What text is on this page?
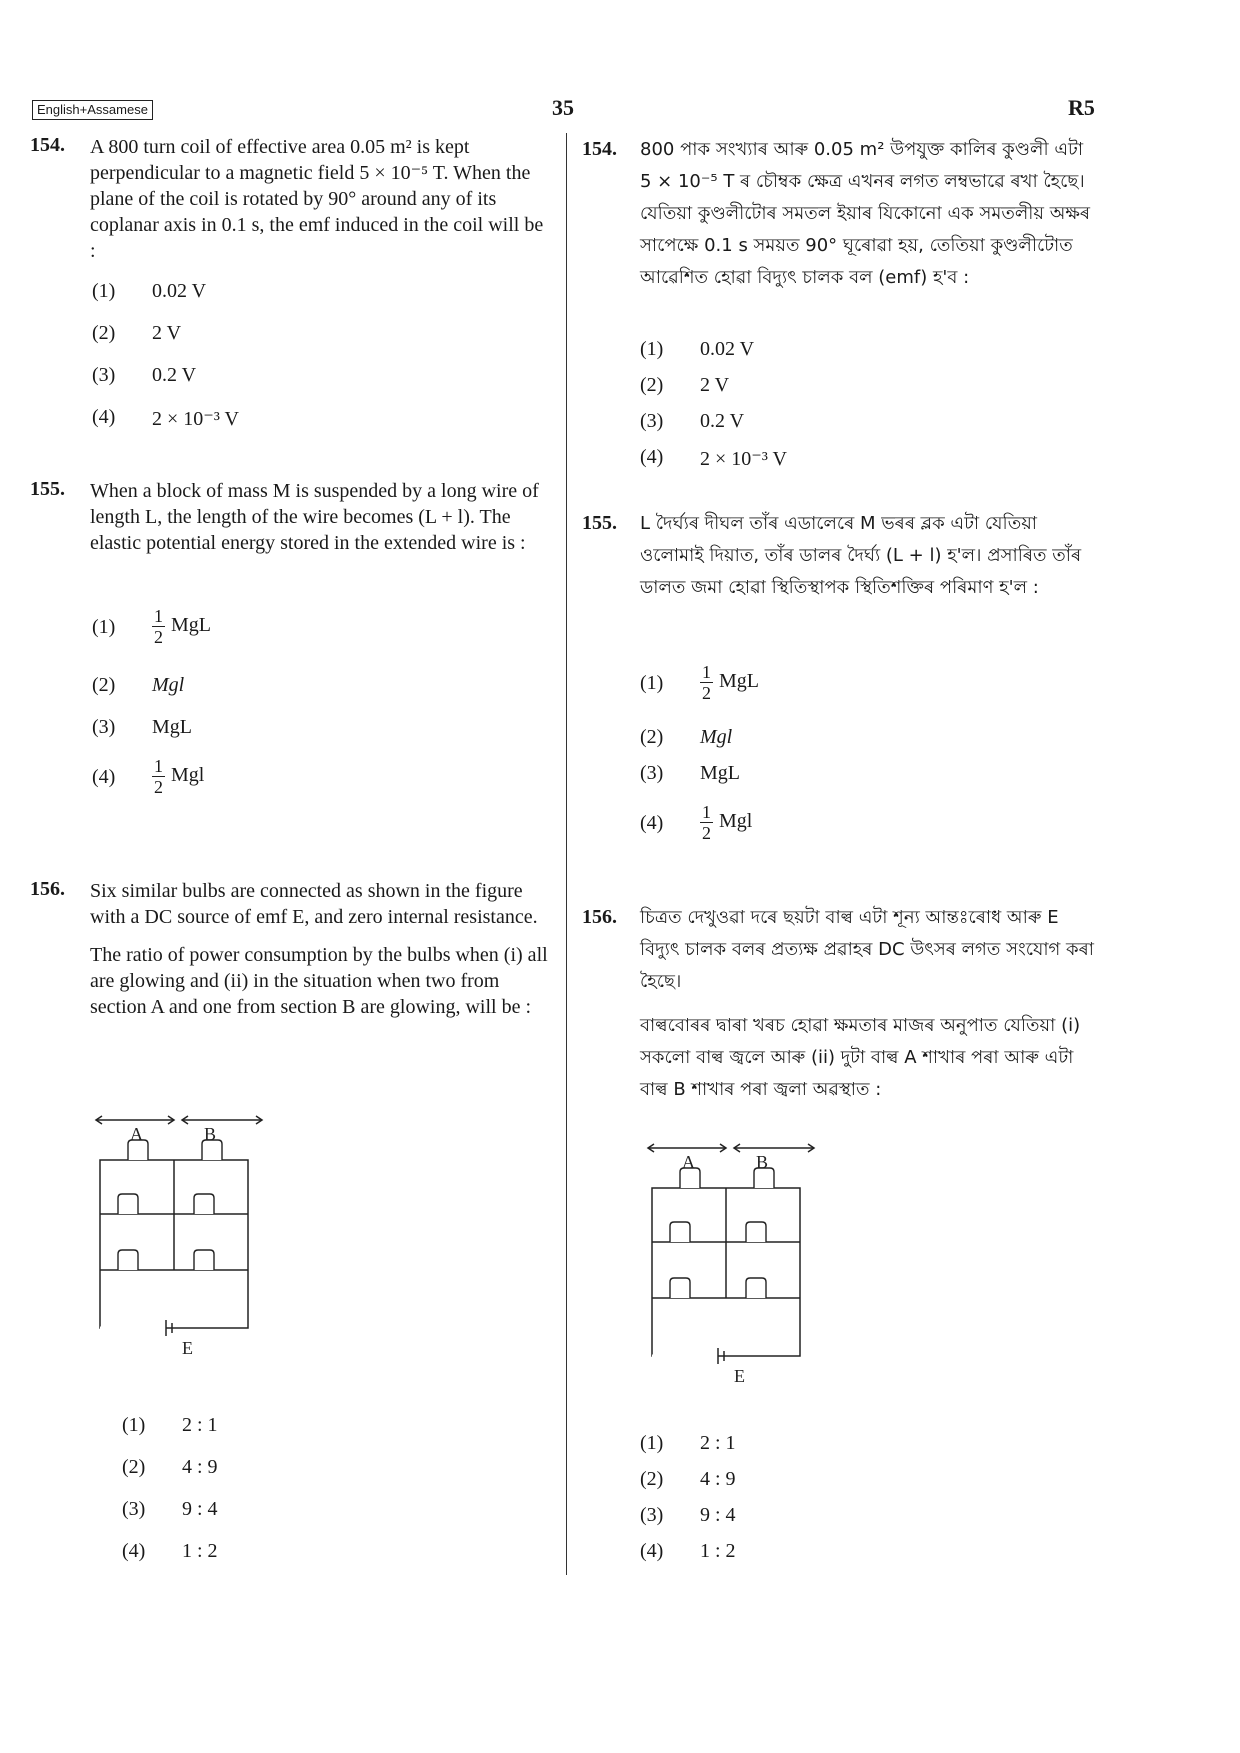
English+Assamese	35	R5
154. A 800 turn coil of effective area 0.05 m² is kept perpendicular to a magnetic field 5 × 10⁻⁵ T. When the plane of the coil is rotated by 90° around any of its coplanar axis in 0.1 s, the emf induced in the coil will be :

(1)	0.02 V
(2)	2 V
(3)	0.2 V
(4)	2 × 10⁻³ V
155. When a block of mass M is suspended by a long wire of length L, the length of the wire becomes (L + l). The elastic potential energy stored in the extended wire is :

(1)	$\frac{1}{2}$ MgL
(2)	Mgl
(3)	MgL
(4)	$\frac{1}{2}$ Mgl
156. Six similar bulbs are connected as shown in the figure with a DC source of emf E, and zero internal resistance.

The ratio of power consumption by the bulbs when (i) all are glowing and (ii) in the situation when two from section A and one from section B are glowing, will be :

A	B
E
(1)	2 : 1
(2)	4 : 9
(3)	9 : 4
(4)	1 : 2
154. 800 পাক সংখ্যাৰ আৰু 0.05 m² উপযুক্ত কালিৰ কুণ্ডলী এটা 5 × 10⁻⁵ T ৰ চৌম্বক ক্ষেত্ৰ এখনৰ লগত লম্বভাৱে ৰখা হৈছে। যেতিয়া কুণ্ডলীটোৰ সমতল ইয়াৰ যিকোনো এক সমতলীয় অক্ষৰ সাপেক্ষে 0.1 s সময়ত 90° ঘূৰোৱা হয়, তেতিয়া কুণ্ডলীটোত আৱেশিত হোৱা বিদ্যুৎ চালক বল (emf) হ'ব :

(1)	0.02 V
(2)	2 V
(3)	0.2 V
(4)	2 × 10⁻³ V
155. L দৈৰ্ঘ্যৰ দীঘল তাঁৰ এডালেৰে M ভৰৰ ব্লক এটা যেতিয়া ওলোমাই দিয়াত, তাঁৰ ডালৰ দৈৰ্ঘ্য (L + l) হ'ল। প্ৰসাৰিত তাঁৰ ডালত জমা হোৱা স্থিতিস্থাপক স্থিতিশক্তিৰ পৰিমাণ হ'ল :

(1)	$\frac{1}{2}$ MgL
(2)	Mgl
(3)	MgL
(4)	$\frac{1}{2}$ Mgl
156. চিত্ৰত দেখুওৱা দৰে ছয়টা বাল্ব এটা শূন্য আন্তঃৰোধ আৰু E বিদ্যুৎ চালক বলৰ প্ৰত্যক্ষ প্ৰৱাহৰ DC উৎসৰ লগত সংযোগ কৰা হৈছে।

বাল্ববোৰৰ দ্বাৰা খৰচ হোৱা ক্ষমতাৰ মাজৰ অনুপাত যেতিয়া (i) সকলো বাল্ব জ্বলে আৰু (ii) দুটা বাল্ব A শাখাৰ পৰা আৰু এটা বাল্ব B শাখাৰ পৰা জ্বলা অৱস্থাত :

A	B
E
(1)	2 : 1
(2)	4 : 9
(3)	9 : 4
(4)	1 : 2
